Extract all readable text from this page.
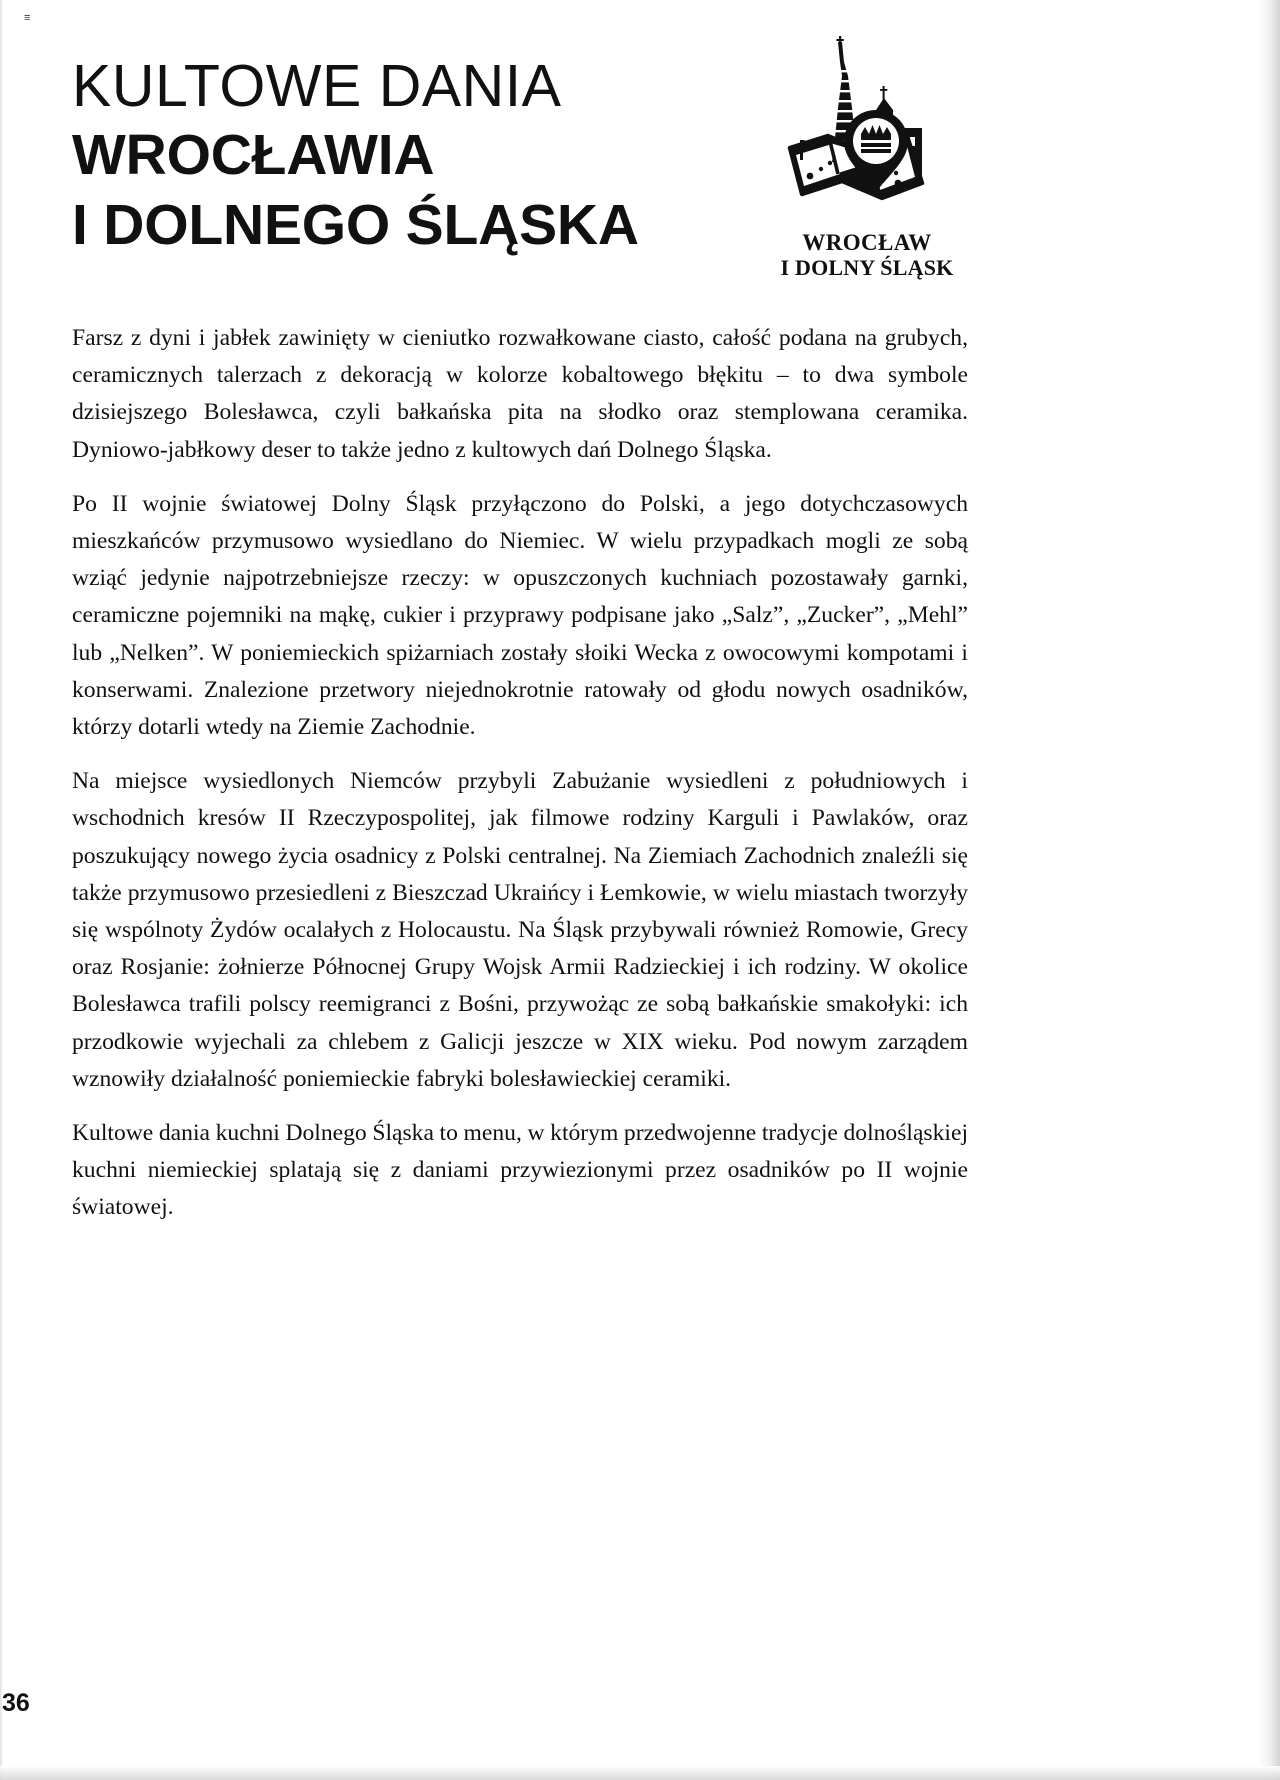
≡
KULTOWE DANIA
WROCŁAWIA
I DOLNEGO ŚLĄSKA	WROCŁAW
I DOLNY ŚLĄSK

Farsz z dyni i jabłek zawinięty w cieniutko rozwałkowane ciasto, całość podana na grubych, ceramicznych talerzach z dekoracją w kolorze kobaltowego błękitu – to dwa symbole dzisiejszego Bolesławca, czyli bałkańska pita na słodko oraz stemplowana ceramika. Dyniowo-jabłkowy deser to także jedno z kultowych dań Dolnego Śląska.

Po II wojnie światowej Dolny Śląsk przyłączono do Polski, a jego dotychczasowych mieszkańców przymusowo wysiedlano do Niemiec. W wielu przypadkach mogli ze sobą wziąć jedynie najpotrzebniejsze rzeczy: w opuszczonych kuchniach pozostawały garnki, ceramiczne pojemniki na mąkę, cukier i przyprawy podpisane jako „Salz”, „Zucker”, „Mehl” lub „Nelken”. W poniemieckich spiżarniach zostały słoiki Wecka z owocowymi kompotami i konserwami. Znalezione przetwory niejednokrotnie ratowały od głodu nowych osadników, którzy dotarli wtedy na Ziemie Zachodnie.

Na miejsce wysiedlonych Niemców przybyli Zabużanie wysiedleni z południowych i wschodnich kresów II Rzeczypospolitej, jak filmowe rodziny Karguli i Pawlaków, oraz poszukujący nowego życia osadnicy z Polski centralnej. Na Ziemiach Zachodnich znaleźli się także przymusowo przesiedleni z Bieszczad Ukraińcy i Łemkowie, w wielu miastach tworzyły się wspólnoty Żydów ocalałych z Holocaustu. Na Śląsk przybywali również Romowie, Grecy oraz Rosjanie: żołnierze Północnej Grupy Wojsk Armii Radzieckiej i ich rodziny. W okolice Bolesławca trafili polscy reemigranci z Bośni, przywożąc ze sobą bałkańskie smakołyki: ich przodkowie wyjechali za chlebem z Galicji jeszcze w XIX wieku. Pod nowym zarządem wznowiły działalność poniemieckie fabryki bolesławieckiej ceramiki.

Kultowe dania kuchni Dolnego Śląska to menu, w którym przedwojenne tradycje dolnośląskiej kuchni niemieckiej splatają się z daniami przywiezionymi przez osadników po II wojnie światowej.

36
